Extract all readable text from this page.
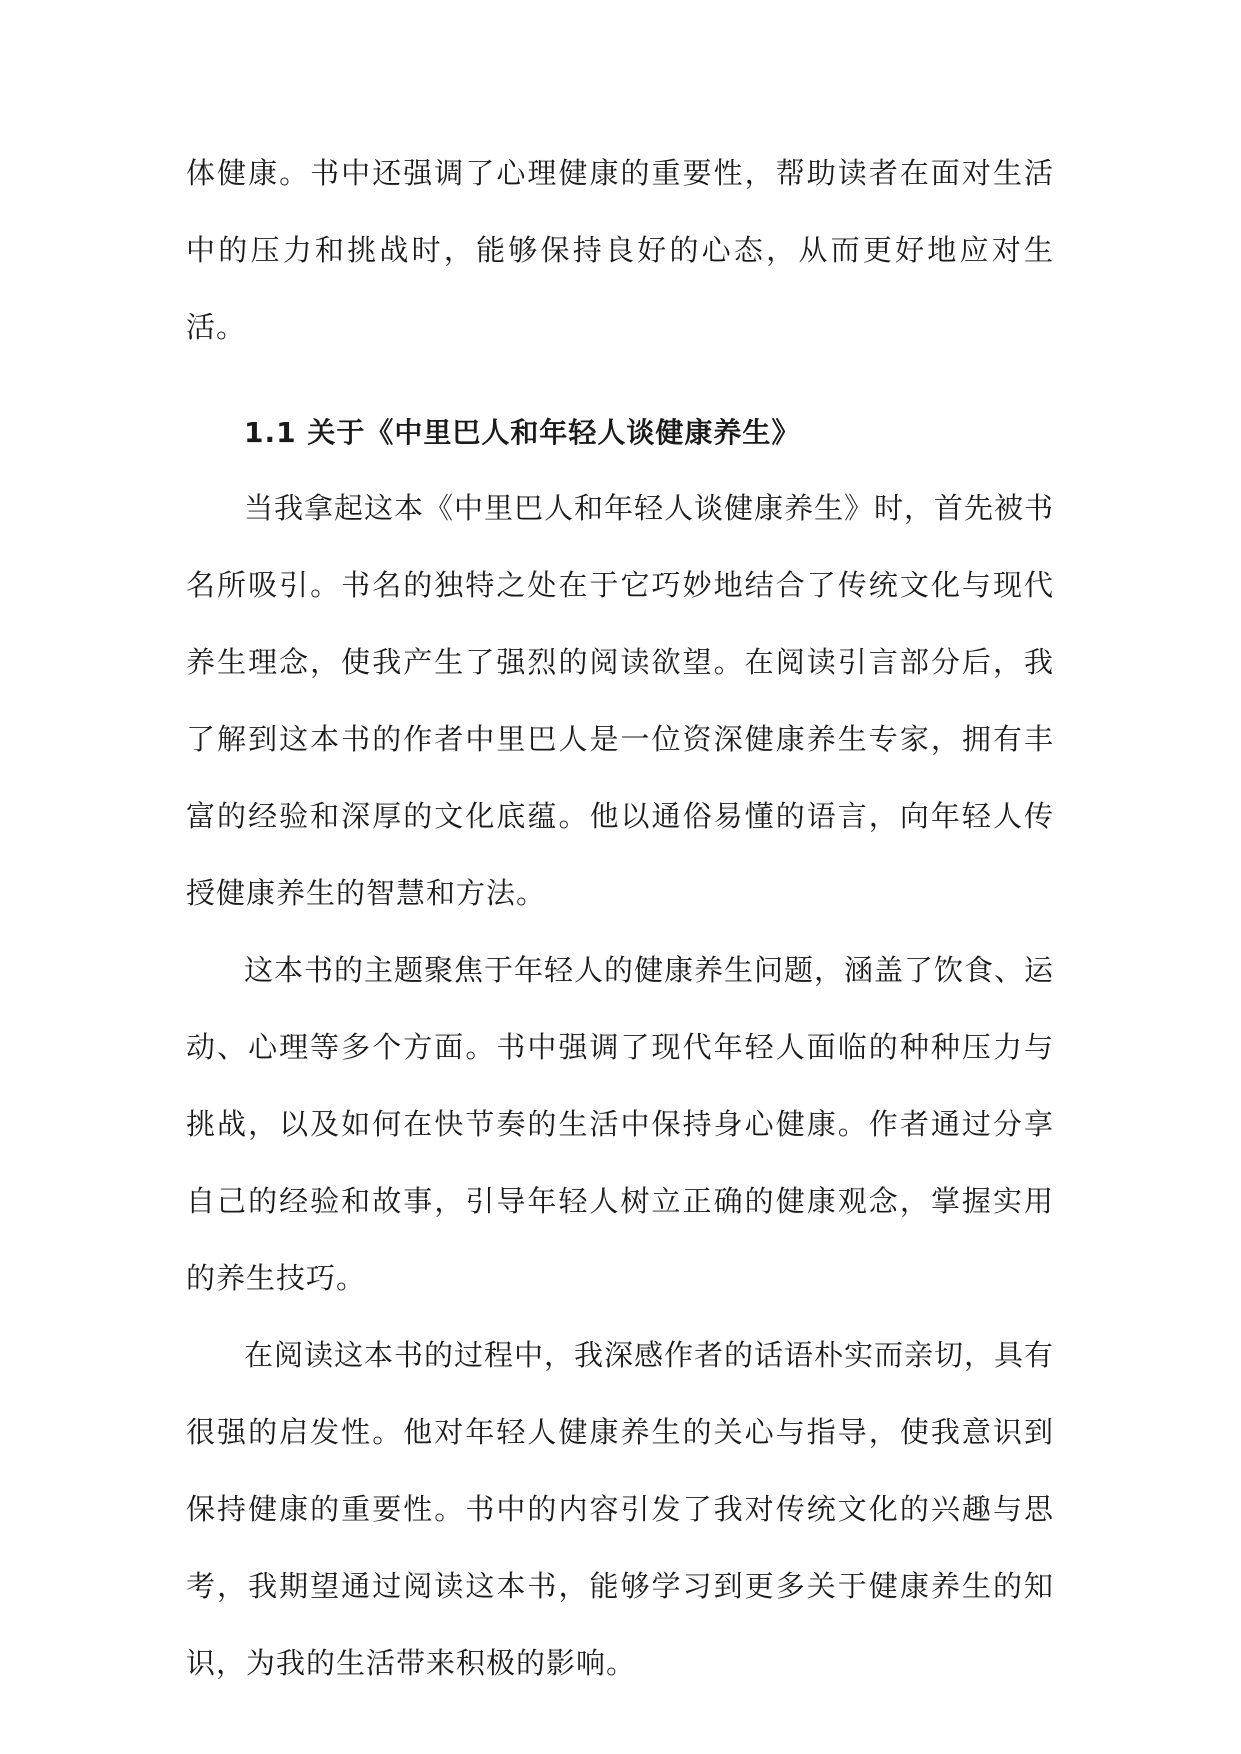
体健康。书中还强调了心理健康的重要性，帮助读者在面对生活中的压力和挑战时，能够保持良好的心态，从而更好地应对生活。

1.1 关于《中里巴人和年轻人谈健康养生》

当我拿起这本《中里巴人和年轻人谈健康养生》时，首先被书名所吸引。书名的独特之处在于它巧妙地结合了传统文化与现代养生理念，使我产生了强烈的阅读欲望。在阅读引言部分后，我了解到这本书的作者中里巴人是一位资深健康养生专家，拥有丰富的经验和深厚的文化底蕴。他以通俗易懂的语言，向年轻人传授健康养生的智慧和方法。

这本书的主题聚焦于年轻人的健康养生问题，涵盖了饮食、运动、心理等多个方面。书中强调了现代年轻人面临的种种压力与挑战，以及如何在快节奏的生活中保持身心健康。作者通过分享自己的经验和故事，引导年轻人树立正确的健康观念，掌握实用的养生技巧。

在阅读这本书的过程中，我深感作者的话语朴实而亲切，具有很强的启发性。他对年轻人健康养生的关心与指导，使我意识到保持健康的重要性。书中的内容引发了我对传统文化的兴趣与思考，我期望通过阅读这本书，能够学习到更多关于健康养生的知识，为我的生活带来积极的影响。
